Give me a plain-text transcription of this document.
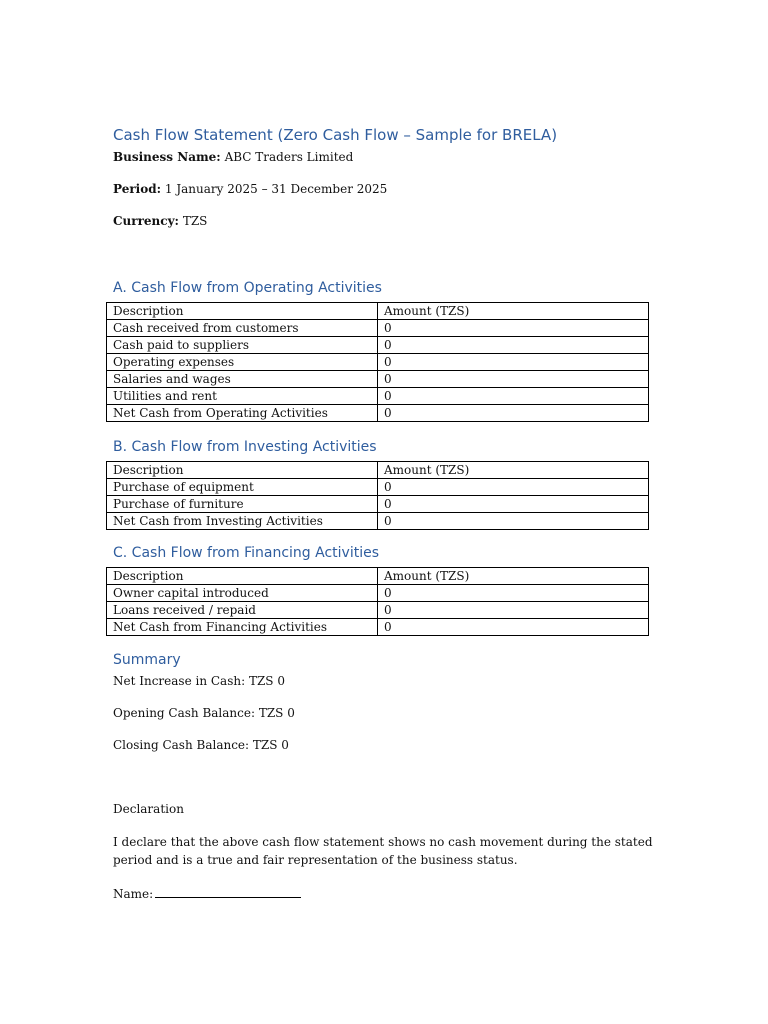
Cash Flow Statement (Zero Cash Flow – Sample for BRELA)
Business Name: ABC Traders Limited
Period: 1 January 2025 – 31 December 2025
Currency: TZS
A. Cash Flow from Operating Activities
Description	Amount (TZS)
Cash received from customers	0
Cash paid to suppliers	0
Operating expenses	0
Salaries and wages	0
Utilities and rent	0
Net Cash from Operating Activities	0
B. Cash Flow from Investing Activities
Description	Amount (TZS)
Purchase of equipment	0
Purchase of furniture	0
Net Cash from Investing Activities	0
C. Cash Flow from Financing Activities
Description	Amount (TZS)
Owner capital introduced	0
Loans received / repaid	0
Net Cash from Financing Activities	0
Summary
Net Increase in Cash: TZS 0
Opening Cash Balance: TZS 0
Closing Cash Balance: TZS 0
Declaration
I declare that the above cash flow statement shows no cash movement during the stated period and is a true and fair representation of the business status.
Name:
